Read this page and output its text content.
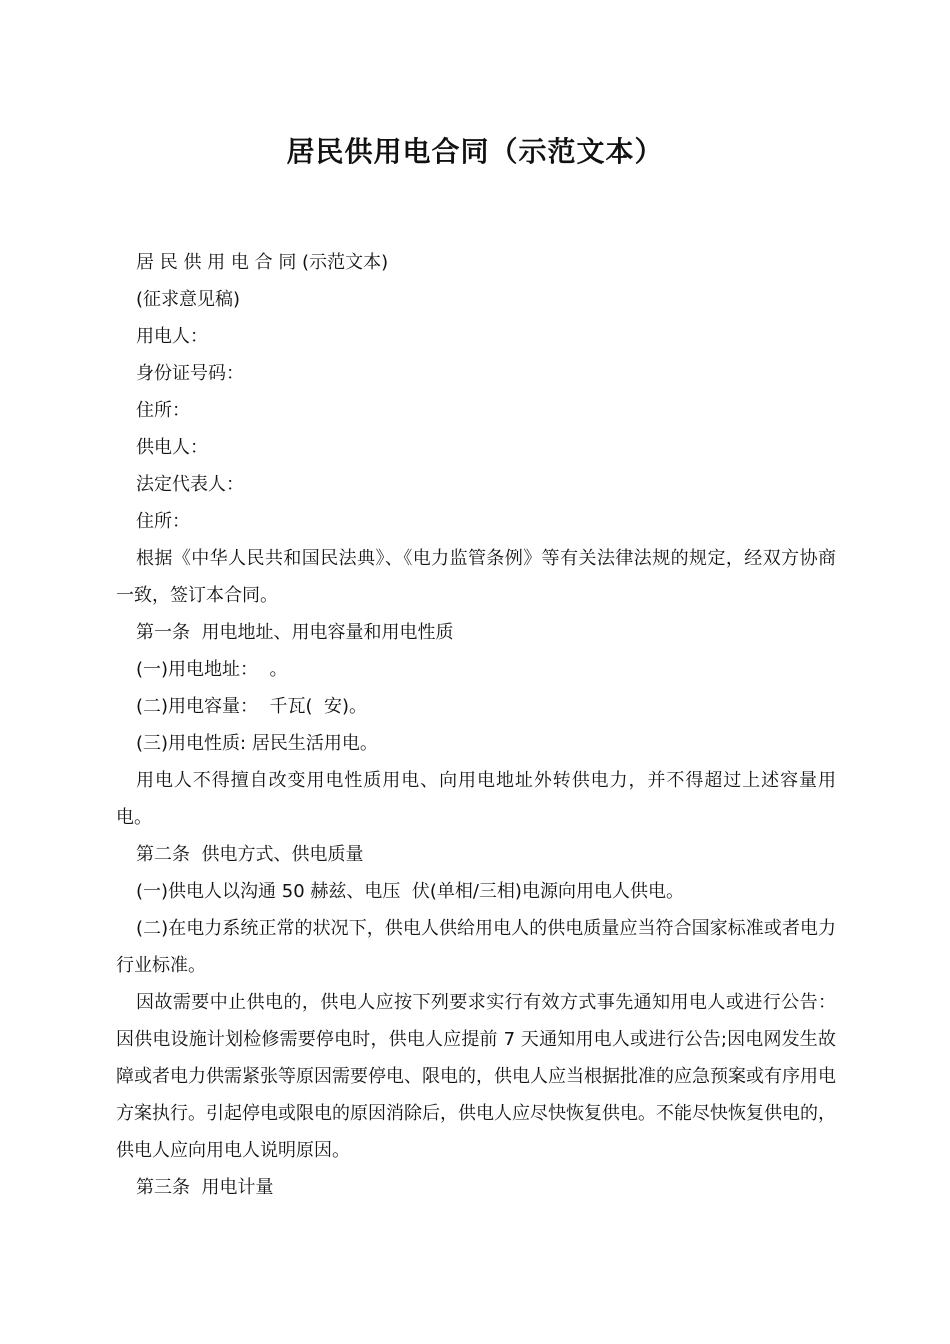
居民供用电合同（示范文本）

居 民 供 用 电 合 同 (示范文本)

(征求意见稿)

用电人：

身份证号码：

住所：

供电人：

法定代表人：

住所：

根据《中华人民共和国民法典》、《电力监管条例》等有关法律法规的规定，经双方协商一致，签订本合同。

第一条  用电地址、用电容量和用电性质

(一)用电地址：  。

(二)用电容量：  千瓦(  安)。

(三)用电性质: 居民生活用电。

用电人不得擅自改变用电性质用电、向用电地址外转供电力，并不得超过上述容量用电。

第二条  供电方式、供电质量

(一)供电人以沟通 50 赫兹、电压  伏(单相/三相)电源向用电人供电。

(二)在电力系统正常的状况下，供电人供给用电人的供电质量应当符合国家标准或者电力行业标准。

因故需要中止供电的，供电人应按下列要求实行有效方式事先通知用电人或进行公告：因供电设施计划检修需要停电时，供电人应提前 7 天通知用电人或进行公告;因电网发生故障或者电力供需紧张等原因需要停电、限电的，供电人应当根据批准的应急预案或有序用电方案执行。引起停电或限电的原因消除后，供电人应尽快恢复供电。不能尽快恢复供电的，供电人应向用电人说明原因。

第三条  用电计量
